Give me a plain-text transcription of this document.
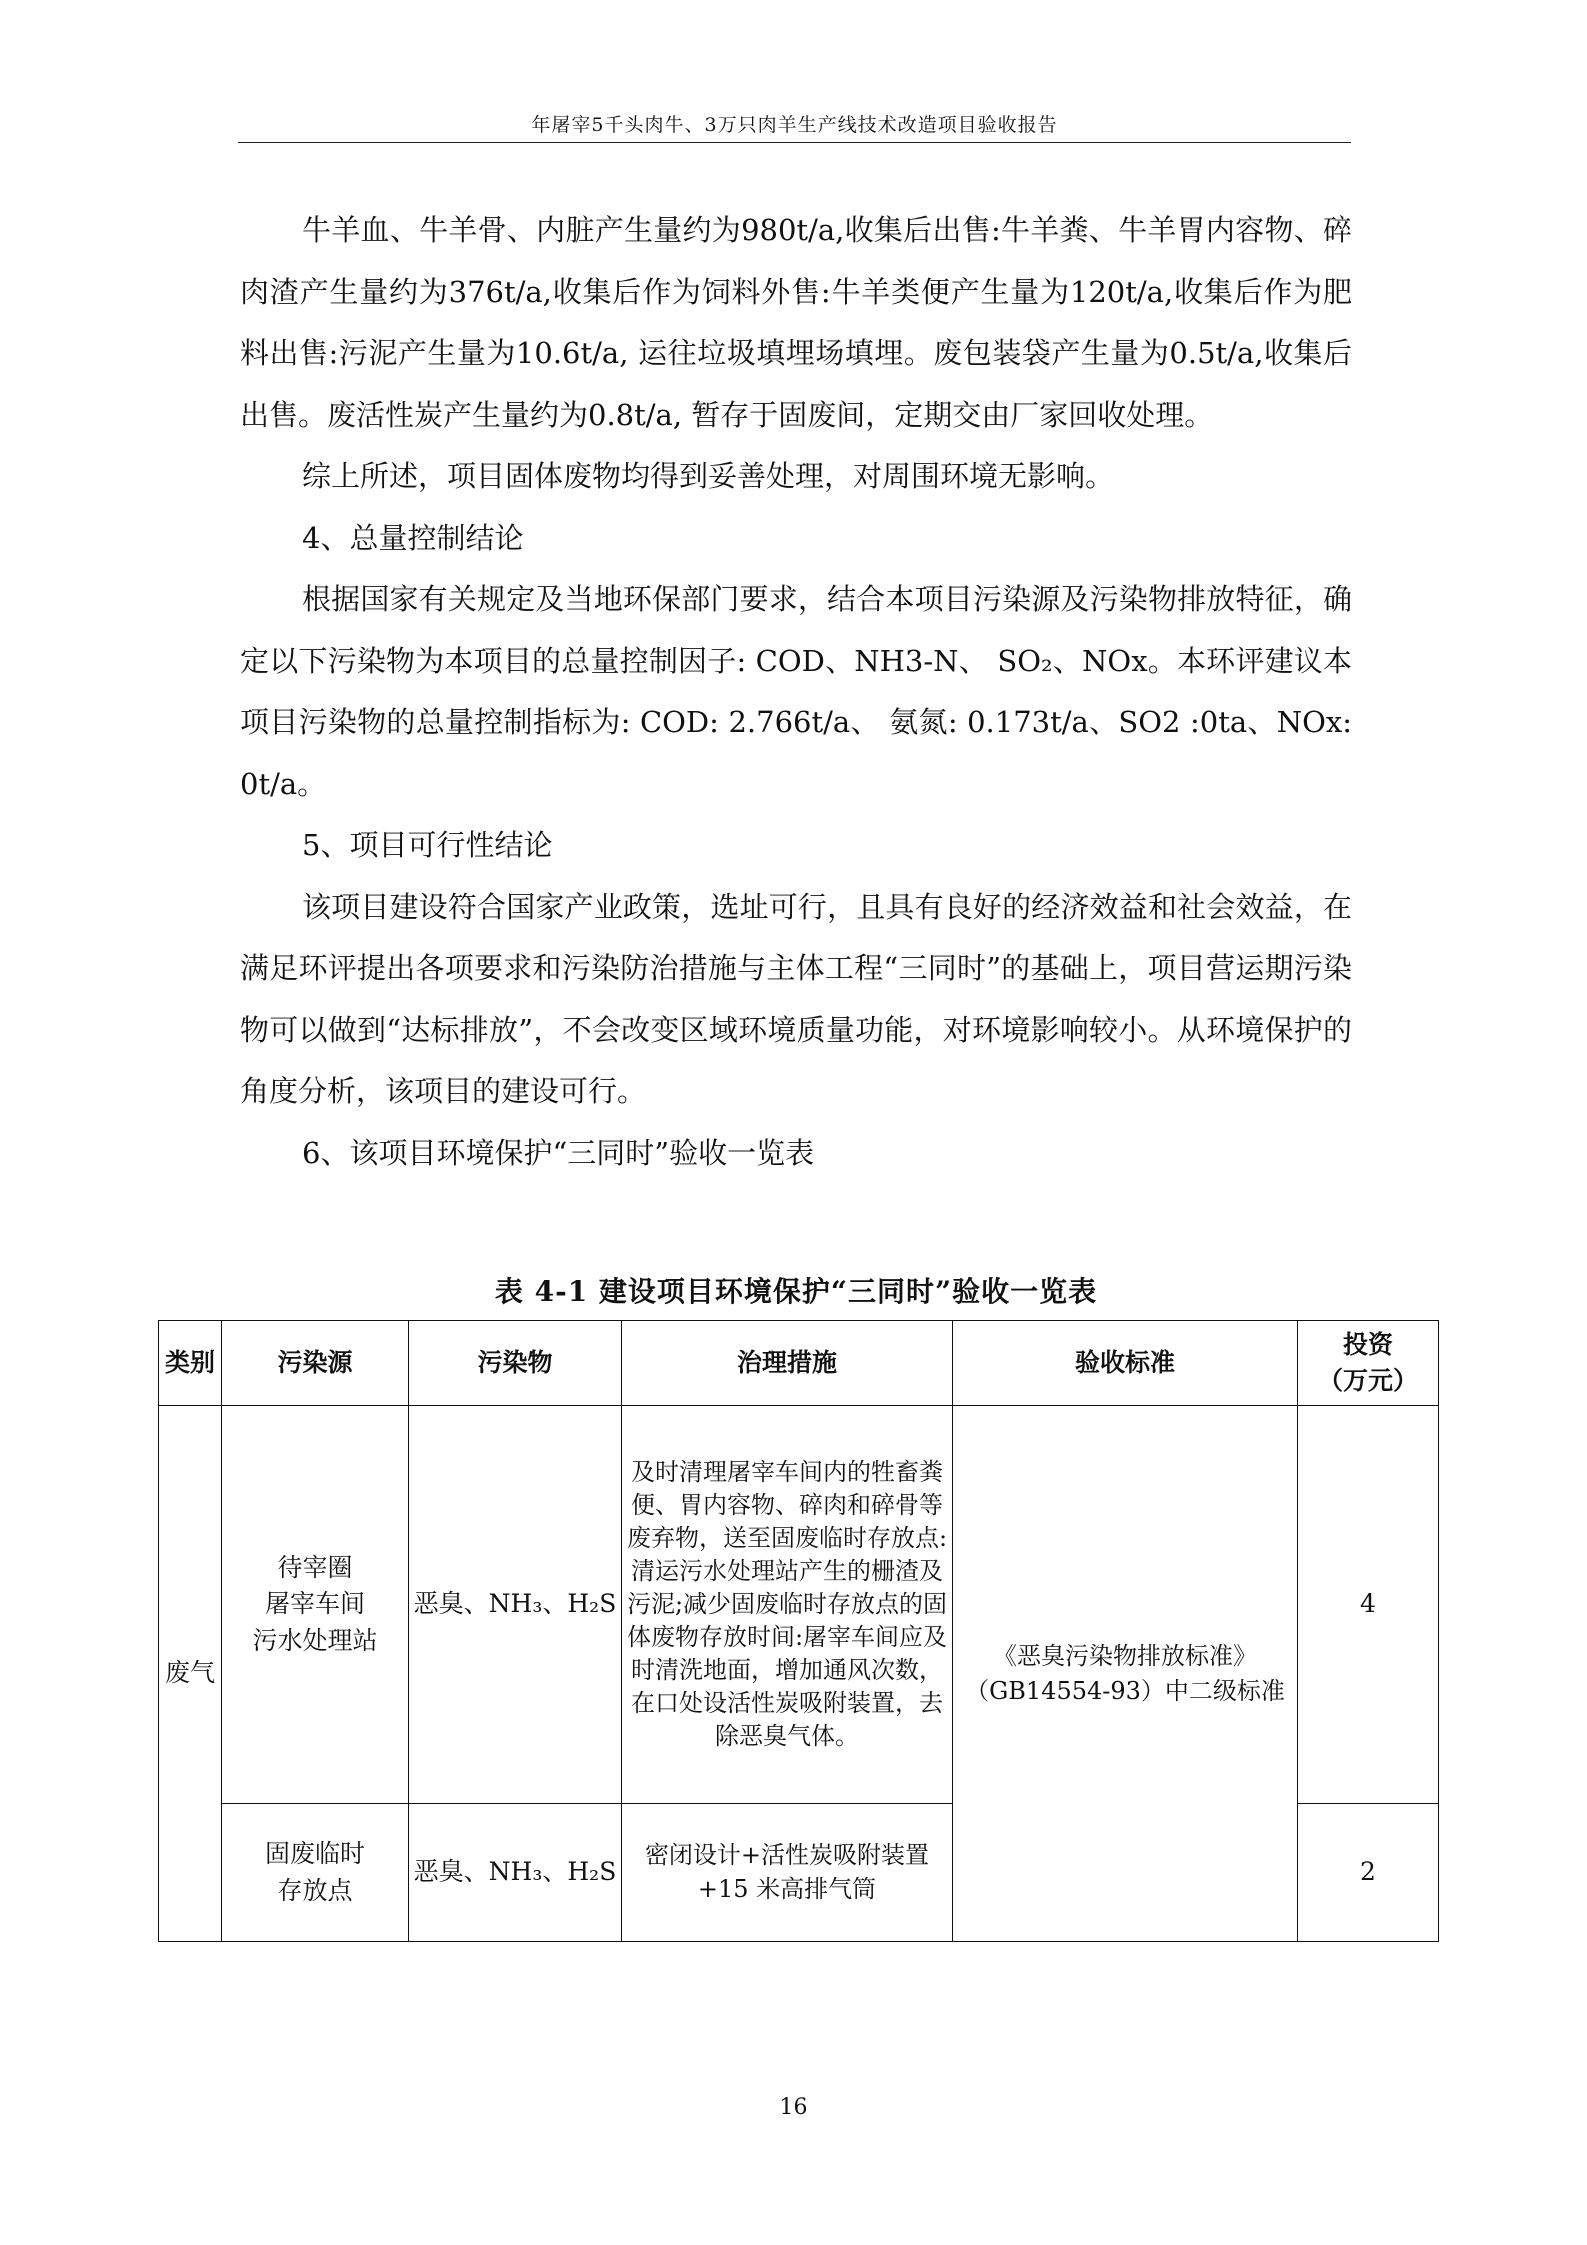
年屠宰5千头肉牛、3万只肉羊生产线技术改造项目验收报告

牛羊血、牛羊骨、内脏产生量约为980t/a,收集后出售:牛羊粪、牛羊胃内容物、碎肉渣产生量约为376t/a,收集后作为饲料外售:牛羊类便产生量为120t/a,收集后作为肥料出售:污泥产生量为10.6t/a, 运往垃圾填埋场填埋。废包装袋产生量为0.5t/a,收集后出售。废活性炭产生量约为0.8t/a, 暂存于固废间，定期交由厂家回收处理。

综上所述，项目固体废物均得到妥善处理，对周围环境无影响。

4、总量控制结论

根据国家有关规定及当地环保部门要求，结合本项目污染源及污染物排放特征，确定以下污染物为本项目的总量控制因子: COD、NH3-N、 SO₂、NOx。本环评建议本项目污染物的总量控制指标为: COD: 2.766t/a、 氨氮: 0.173t/a、SO2 :0ta、NOx: 0t/a。

5、项目可行性结论

该项目建设符合国家产业政策，选址可行，且具有良好的经济效益和社会效益，在满足环评提出各项要求和污染防治措施与主体工程“三同时”的基础上，项目营运期污染物可以做到“达标排放”，不会改变区域环境质量功能，对环境影响较小。从环境保护的角度分析，该项目的建设可行。

6、该项目环境保护“三同时”验收一览表

表 4-1 建设项目环境保护“三同时”验收一览表
类别	污染源	污染物	治理措施	验收标准	投资
（万元）
废气	待宰圈
屠宰车间
污水处理站	恶臭、NH₃、H₂S	及时清理屠宰车间内的牲畜粪便、胃内容物、碎肉和碎骨等废弃物，送至固废临时存放点:清运污水处理站产生的栅渣及污泥;减少固废临时存放点的固体废物存放时间:屠宰车间应及时清洗地面，增加通风次数，在口处设活性炭吸附装置，去除恶臭气体。	《恶臭污染物排放标准》
（GB14554-93）中二级标准	4
	固废临时
存放点	恶臭、NH₃、H₂S	密闭设计+活性炭吸附装置
+15 米高排气筒		2
16
